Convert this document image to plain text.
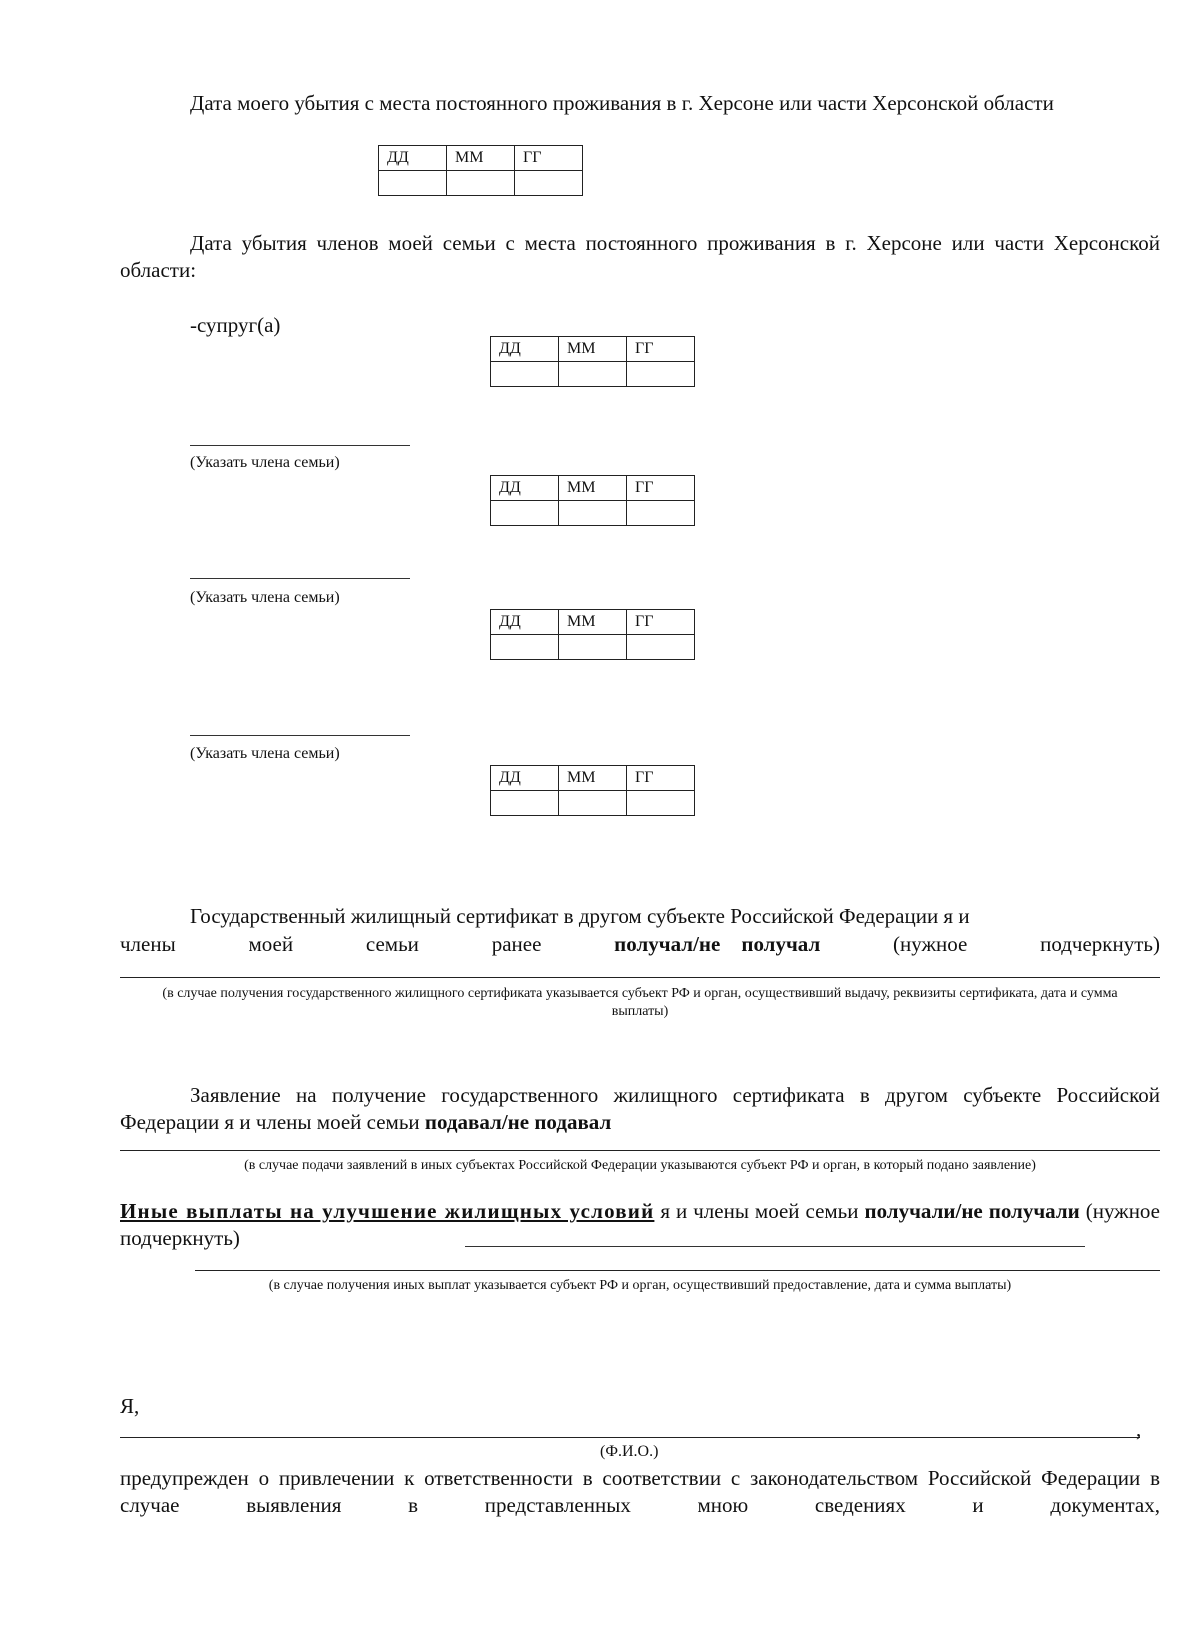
Дата моего убытия с места постоянного проживания в г. Херсоне или части Херсонской области
ДД	ММ	ГГ

Дата убытия членов моей семьи с места постоянного проживания в г. Херсоне или части Херсонской области:
-супруг(а)
ДД	ММ	ГГ

(Указать члена семьи)
ДД	ММ	ГГ

(Указать члена семьи)
ДД	ММ	ГГ

(Указать члена семьи)
ДД	ММ	ГГ

Государственный жилищный сертификат в другом субъекте Российской Федерации я и
члены	моей	семьи	ранее	получал/не    получал	(нужное	подчеркнуть)
(в случае получения государственного жилищного сертификата указывается субъект РФ и орган, осуществивший выдачу, реквизиты сертификата, дата и сумма выплаты)
Заявление на получение государственного жилищного сертификата в другом субъекте Российской Федерации я и члены моей семьи подавал/не подавал
(в случае подачи заявлений в иных субъектах Российской Федерации указываются субъект РФ и орган, в который подано заявление)
Иные выплаты на улучшение жилищных условий я и члены моей семьи получали/не получали (нужное подчеркнуть)
(в случае получения иных выплат указывается субъект РФ и орган, осуществивший предоставление, дата и сумма выплаты)
Я,
,
(Ф.И.О.)
предупрежден о привлечении к ответственности в соответствии с законодательством Российской Федерации в случае выявления в представленных мною сведениях и документах,
